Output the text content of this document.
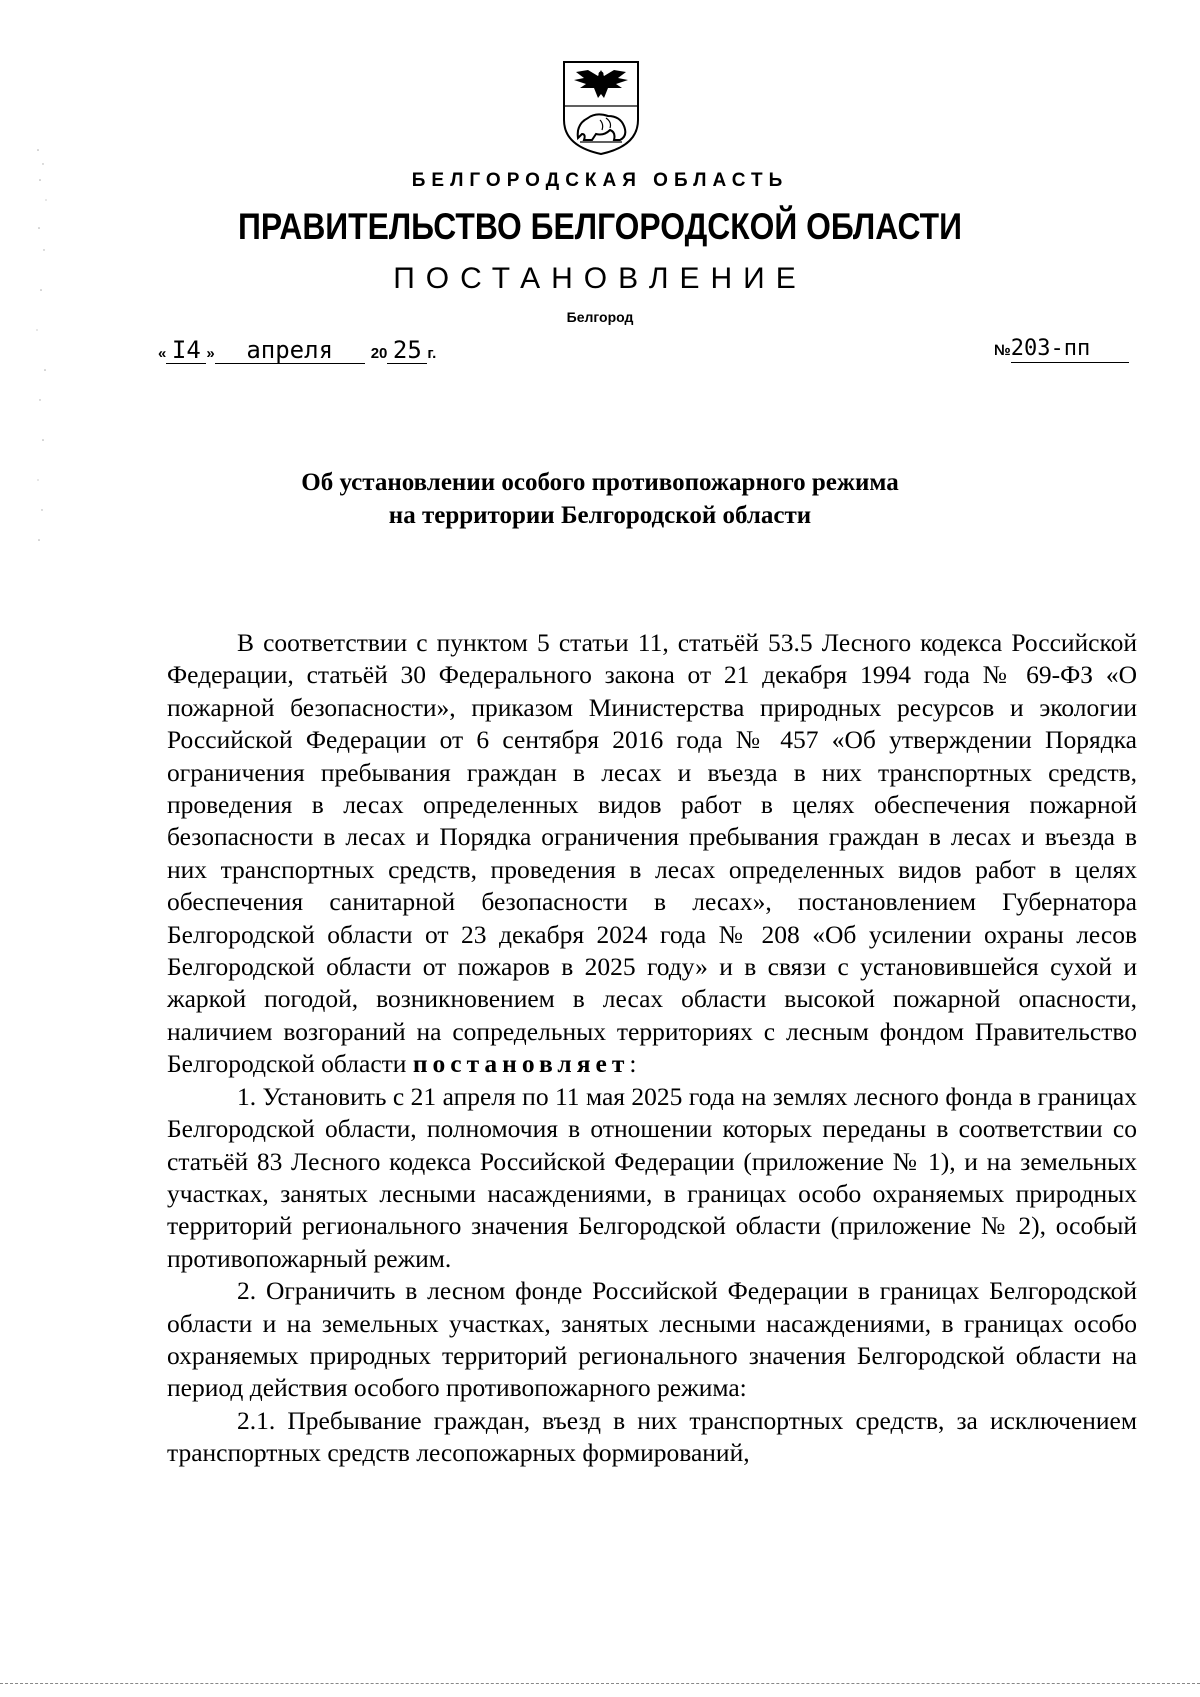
БЕЛГОРОДСКАЯ ОБЛАСТЬ
ПРАВИТЕЛЬСТВО БЕЛГОРОДСКОЙ ОБЛАСТИ
ПОСТАНОВЛЕНИЕ
Белгород
« I4 » апреля	20 25 г.	№203-пп
Об установлении особого противопожарного режима
на территории Белгородской области

В соответствии с пунктом 5 статьи 11, статьёй 53.5 Лесного кодекса Российской Федерации, статьёй 30 Федерального закона от 21 декабря 1994 года № 69-ФЗ «О пожарной безопасности», приказом Министерства природных ресурсов и экологии Российской Федерации от 6 сентября 2016 года № 457 «Об утверждении Порядка ограничения пребывания граждан в лесах и въезда в них транспортных средств, проведения в лесах определенных видов работ в целях обеспечения пожарной безопасности в лесах и Порядка ограничения пребывания граждан в лесах и въезда в них транспортных средств, проведения в лесах определенных видов работ в целях обеспечения санитарной безопасности в лесах», постановлением Губернатора Белгородской области от 23 декабря 2024 года № 208 «Об усилении охраны лесов Белгородской области от пожаров в 2025 году» и в связи с установившейся сухой и жаркой погодой, возникновением в лесах области высокой пожарной опасности, наличием возгораний на сопредельных территориях с лесным фондом Правительство Белгородской области постановляет:

1. Установить с 21 апреля по 11 мая 2025 года на землях лесного фонда в границах Белгородской области, полномочия в отношении которых переданы в соответствии со статьёй 83 Лесного кодекса Российской Федерации (приложение № 1), и на земельных участках, занятых лесными насаждениями, в границах особо охраняемых природных территорий регионального значения Белгородской области (приложение № 2), особый противопожарный режим.

2. Ограничить в лесном фонде Российской Федерации в границах Белгородской области и на земельных участках, занятых лесными насаждениями, в границах особо охраняемых природных территорий регионального значения Белгородской области на период действия особого противопожарного режима:

2.1. Пребывание граждан, въезд в них транспортных средств, за исключением транспортных средств лесопожарных формирований,
